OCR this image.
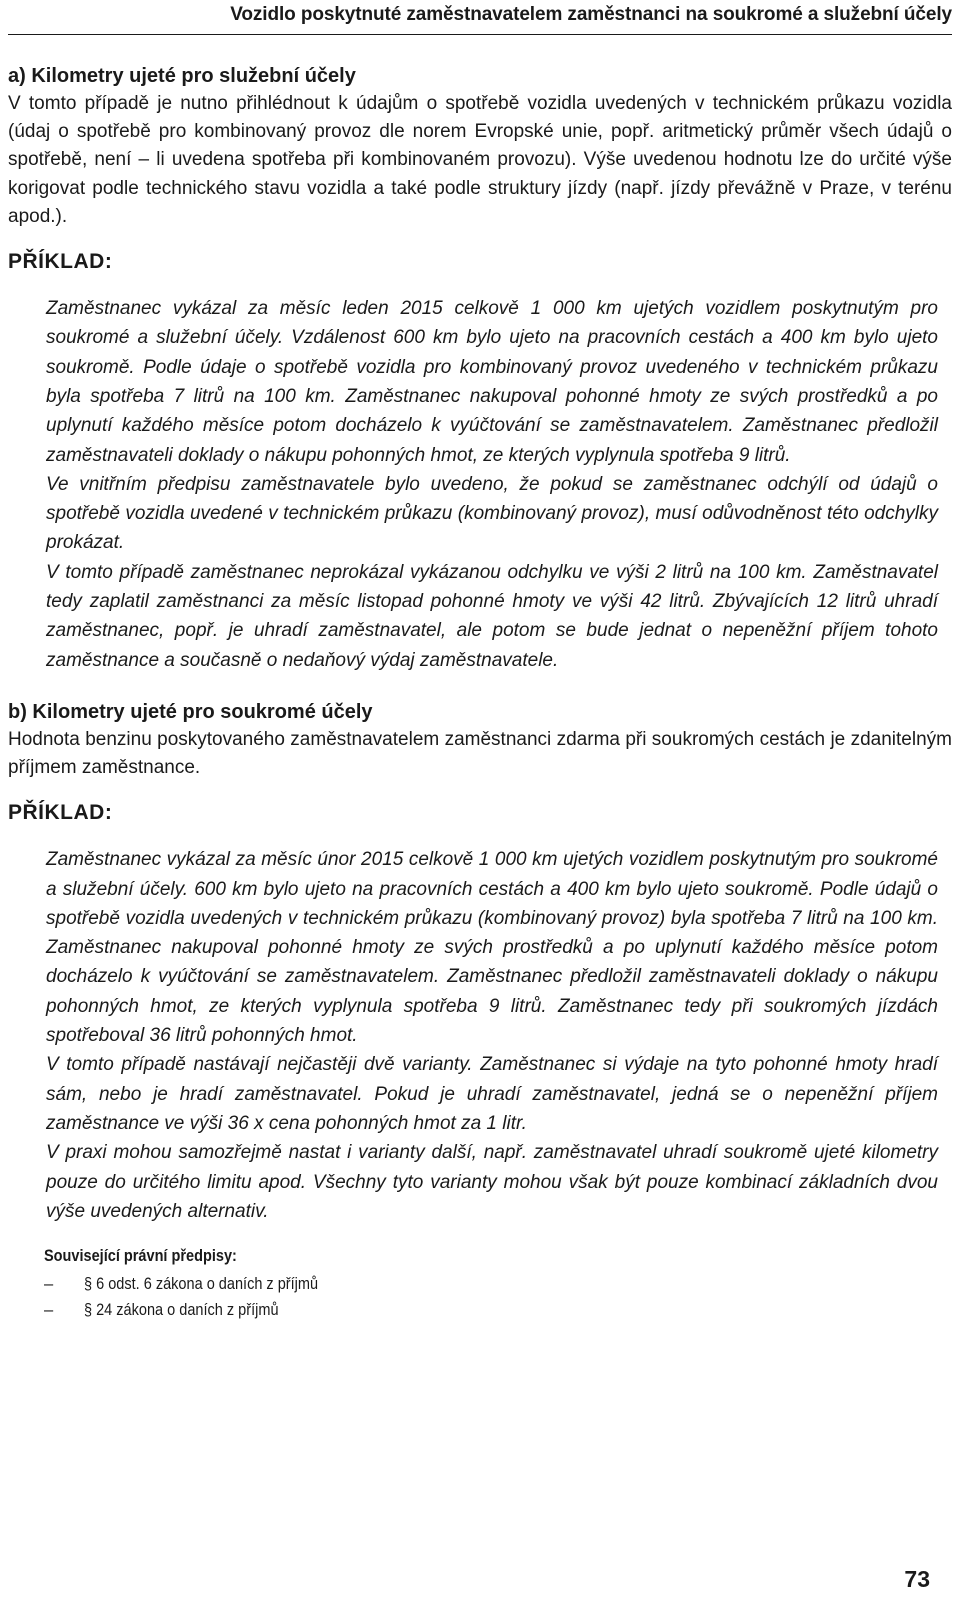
Vozidlo poskytnuté zaměstnavatelem zaměstnanci na soukromé a služební účely

a) Kilometry ujeté pro služební účely

V tomto případě je nutno přihlédnout k údajům o spotřebě vozidla uvedených v technickém průkazu vozidla (údaj o spotřebě pro kombinovaný provoz dle norem Evropské unie, popř. aritmetický průměr všech údajů o spotřebě, není – li uvedena spotřeba při kombinovaném provozu). Výše uvedenou hodnotu lze do určité výše korigovat podle technického stavu vozidla a také podle struktury jízdy (např. jízdy převážně v Praze, v terénu apod.).

PŘÍKLAD:

Zaměstnanec vykázal za měsíc leden 2015 celkově 1 000 km ujetých vozidlem poskytnutým pro soukromé a služební účely. Vzdálenost 600 km bylo ujeto na pracovních cestách a 400 km bylo ujeto soukromě. Podle údaje o spotřebě vozidla pro kombinovaný provoz uvedeného v technickém průkazu byla spotřeba 7 litrů na 100 km. Zaměstnanec nakupoval pohonné hmoty ze svých prostředků a po uplynutí každého měsíce potom docházelo k vyúčtování se zaměstnavatelem. Zaměstnanec předložil zaměstnavateli doklady o nákupu pohonných hmot, ze kterých vyplynula spotřeba 9 litrů.

Ve vnitřním předpisu zaměstnavatele bylo uvedeno, že pokud se zaměstnanec odchýlí od údajů o spotřebě vozidla uvedené v technickém průkazu (kombinovaný provoz), musí odůvodněnost této odchylky prokázat.

V tomto případě zaměstnanec neprokázal vykázanou odchylku ve výši 2 litrů na 100 km. Zaměstnavatel tedy zaplatil zaměstnanci za měsíc listopad pohonné hmoty ve výši 42 litrů. Zbývajících 12 litrů uhradí zaměstnanec, popř. je uhradí zaměstnavatel, ale potom se bude jednat o nepeněžní příjem tohoto zaměstnance a současně o nedaňový výdaj zaměstnavatele.

b) Kilometry ujeté pro soukromé účely

Hodnota benzinu poskytovaného zaměstnavatelem zaměstnanci zdarma při soukromých cestách je zdanitelným příjmem zaměstnance.

PŘÍKLAD:

Zaměstnanec vykázal za měsíc únor 2015 celkově 1 000 km ujetých vozidlem poskytnutým pro soukromé a služební účely. 600 km bylo ujeto na pracovních cestách a 400 km bylo ujeto soukromě. Podle údajů o spotřebě vozidla uvedených v technickém průkazu (kombinovaný provoz) byla spotřeba 7 litrů na 100 km. Zaměstnanec nakupoval pohonné hmoty ze svých prostředků a po uplynutí každého měsíce potom docházelo k vyúčtování se zaměstnavatelem. Zaměstnanec předložil zaměstnavateli doklady o nákupu pohonných hmot, ze kterých vyplynula spotřeba 9 litrů. Zaměstnanec tedy při soukromých jízdách spotřeboval 36 litrů pohonných hmot.

V tomto případě nastávají nejčastěji dvě varianty. Zaměstnanec si výdaje na tyto pohonné hmoty hradí sám, nebo je hradí zaměstnavatel. Pokud je uhradí zaměstnavatel, jedná se o nepeněžní příjem zaměstnance ve výši 36 x cena pohonných hmot za 1 litr.

V praxi mohou samozřejmě nastat i varianty další, např. zaměstnavatel uhradí soukromě ujeté kilometry pouze do určitého limitu apod. Všechny tyto varianty mohou však být pouze kombinací základních dvou výše uvedených alternativ.

Související právní předpisy:

– § 6 odst. 6 zákona o daních z příjmů
– § 24 zákona o daních z příjmů
73
